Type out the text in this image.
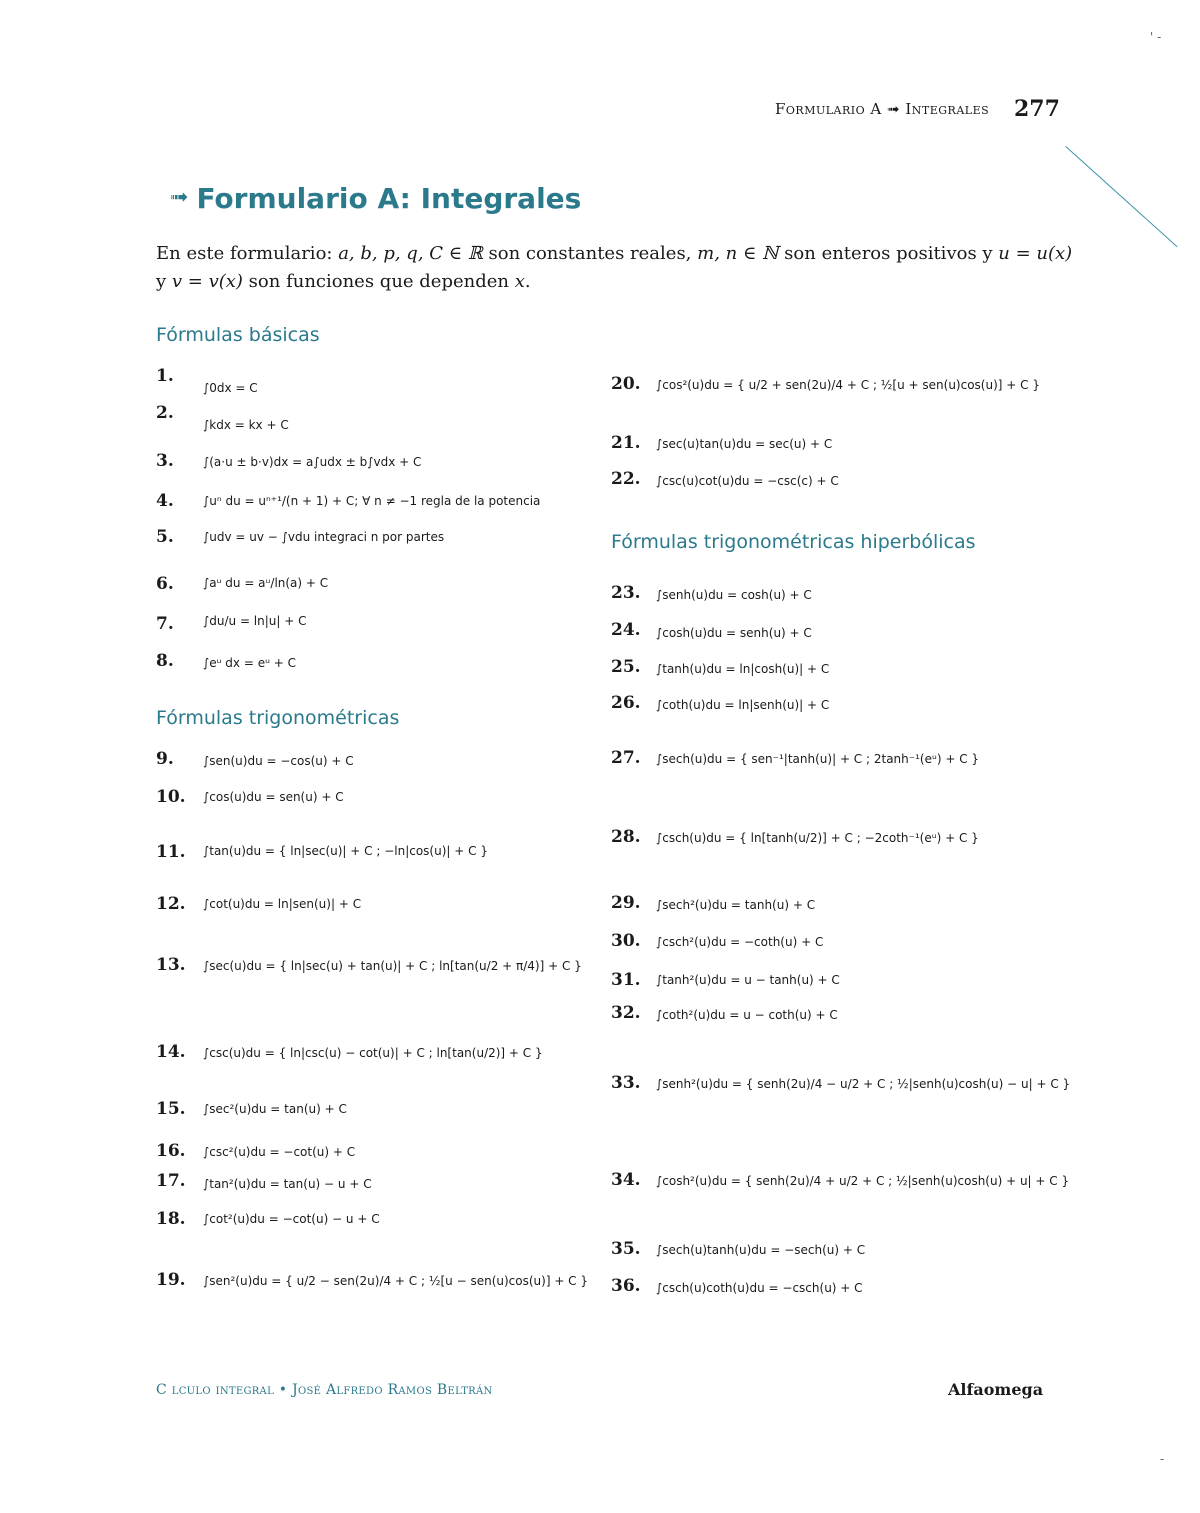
Formulario A ➟ Integrales 277
' -
-
➟ Formulario A: Integrales
En este formulario: a, b, p, q, C ∈ ℝ son constantes reales, m, n ∈ ℕ son enteros positivos y u = u(x) y v = v(x) son funciones que dependen x.
Fórmulas básicas
Fórmulas trigonométricas
Fórmulas trigonométricas hiperbólicas
1.
∫0dx = C
2.
∫kdx = kx + C
3. ∫(a·u ± b·v)dx = a∫udx ± b∫vdx + C
4. ∫uⁿ du = uⁿ⁺¹/(n + 1) + C; ∀ n ≠ −1 regla de la potencia
5. ∫udv = uv − ∫vdu integraci n por partes
6. ∫aᵘ du = aᵘ/ln(a) + C
7. ∫du/u = ln|u| + C
8. ∫eᵘ dx = eᵘ + C
9. ∫sen(u)du = −cos(u) + C
10. ∫cos(u)du = sen(u) + C
11. ∫tan(u)du = { ln|sec(u)| + C ; −ln|cos(u)| + C }
12. ∫cot(u)du = ln|sen(u)| + C
13. ∫sec(u)du = { ln|sec(u) + tan(u)| + C ; ln[tan(u/2 + π/4)] + C }
14. ∫csc(u)du = { ln|csc(u) − cot(u)| + C ; ln[tan(u/2)] + C }
15. ∫sec²(u)du = tan(u) + C
16. ∫csc²(u)du = −cot(u) + C
17. ∫tan²(u)du = tan(u) − u + C
18. ∫cot²(u)du = −cot(u) − u + C
19. ∫sen²(u)du = { u/2 − sen(2u)/4 + C ; ½[u − sen(u)cos(u)] + C }
20. ∫cos²(u)du = { u/2 + sen(2u)/4 + C ; ½[u + sen(u)cos(u)] + C }
21. ∫sec(u)tan(u)du = sec(u) + C
22. ∫csc(u)cot(u)du = −csc(c) + C
23. ∫senh(u)du = cosh(u) + C
24. ∫cosh(u)du = senh(u) + C
25. ∫tanh(u)du = ln|cosh(u)| + C
26. ∫coth(u)du = ln|senh(u)| + C
27. ∫sech(u)du = { sen⁻¹|tanh(u)| + C ; 2tanh⁻¹(eᵘ) + C }
28. ∫csch(u)du = { ln[tanh(u/2)] + C ; −2coth⁻¹(eᵘ) + C }
29. ∫sech²(u)du = tanh(u) + C
30. ∫csch²(u)du = −coth(u) + C
31. ∫tanh²(u)du = u − tanh(u) + C
32. ∫coth²(u)du = u − coth(u) + C
33. ∫senh²(u)du = { senh(2u)/4 − u/2 + C ; ½|senh(u)cosh(u) − u| + C }
34. ∫cosh²(u)du = { senh(2u)/4 + u/2 + C ; ½|senh(u)cosh(u) + u| + C }
35. ∫sech(u)tanh(u)du = −sech(u) + C
36. ∫csch(u)coth(u)du = −csch(u) + C
C lculo integral • José Alfredo Ramos Beltrán	Alfaomega
